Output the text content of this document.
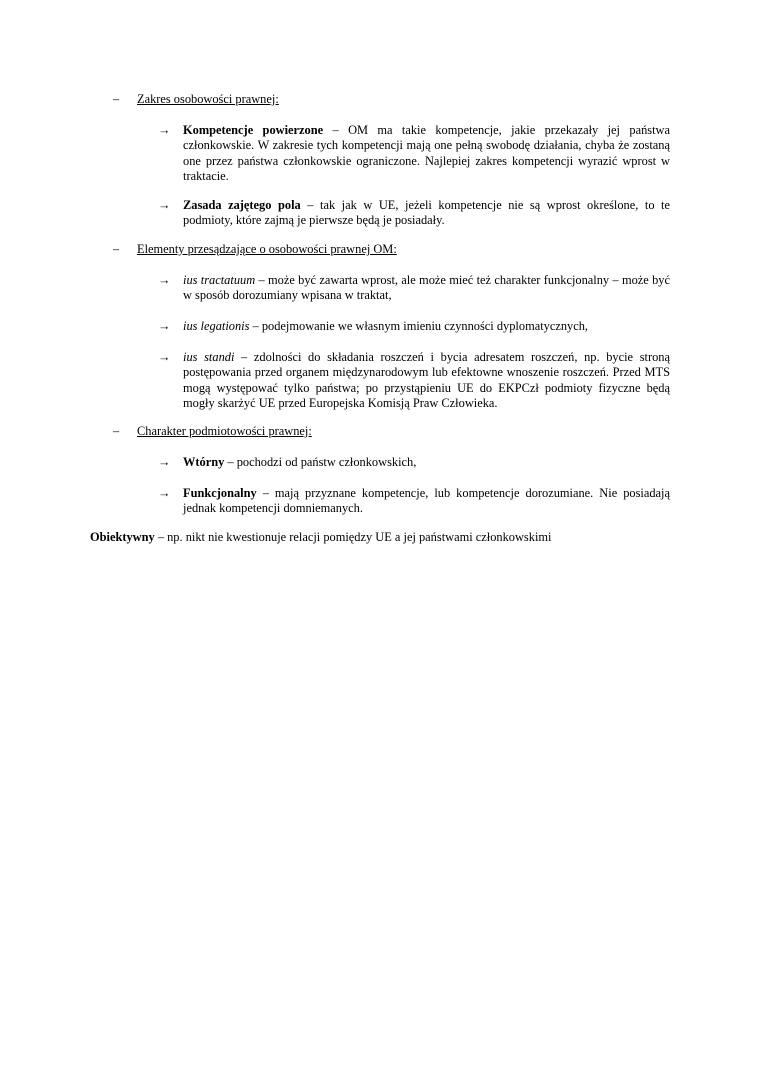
– Zakres osobowości prawnej:
→ Kompetencje powierzone – OM ma takie kompetencje, jakie przekazały jej państwa członkowskie. W zakresie tych kompetencji mają one pełną swobodę działania, chyba że zostaną one przez państwa członkowskie ograniczone. Najlepiej zakres kompetencji wyrazić wprost w traktacie.
→ Zasada zajętego pola – tak jak w UE, jeżeli kompetencje nie są wprost określone, to te podmioty, które zajmą je pierwsze będą je posiadały.
– Elementy przesądzające o osobowości prawnej OM:
→ ius tractatuum – może być zawarta wprost, ale może mieć też charakter funkcjonalny – może być w sposób dorozumiany wpisana w traktat,
→ ius legationis – podejmowanie we własnym imieniu czynności dyplomatycznych,
→ ius standi – zdolności do składania roszczeń i bycia adresatem roszczeń, np. bycie stroną postępowania przed organem międzynarodowym lub efektowne wnoszenie roszczeń. Przed MTS mogą występować tylko państwa; po przystąpieniu UE do EKPCzł podmioty fizyczne będą mogły skarżyć UE przed Europejska Komisją Praw Człowieka.
– Charakter podmiotowości prawnej:
→ Wtórny – pochodzi od państw członkowskich,
→ Funkcjonalny – mają przyznane kompetencje, lub kompetencje dorozumiane. Nie posiadają jednak kompetencji domniemanych.
Obiektywny – np. nikt nie kwestionuje relacji pomiędzy UE a jej państwami członkowskimi
